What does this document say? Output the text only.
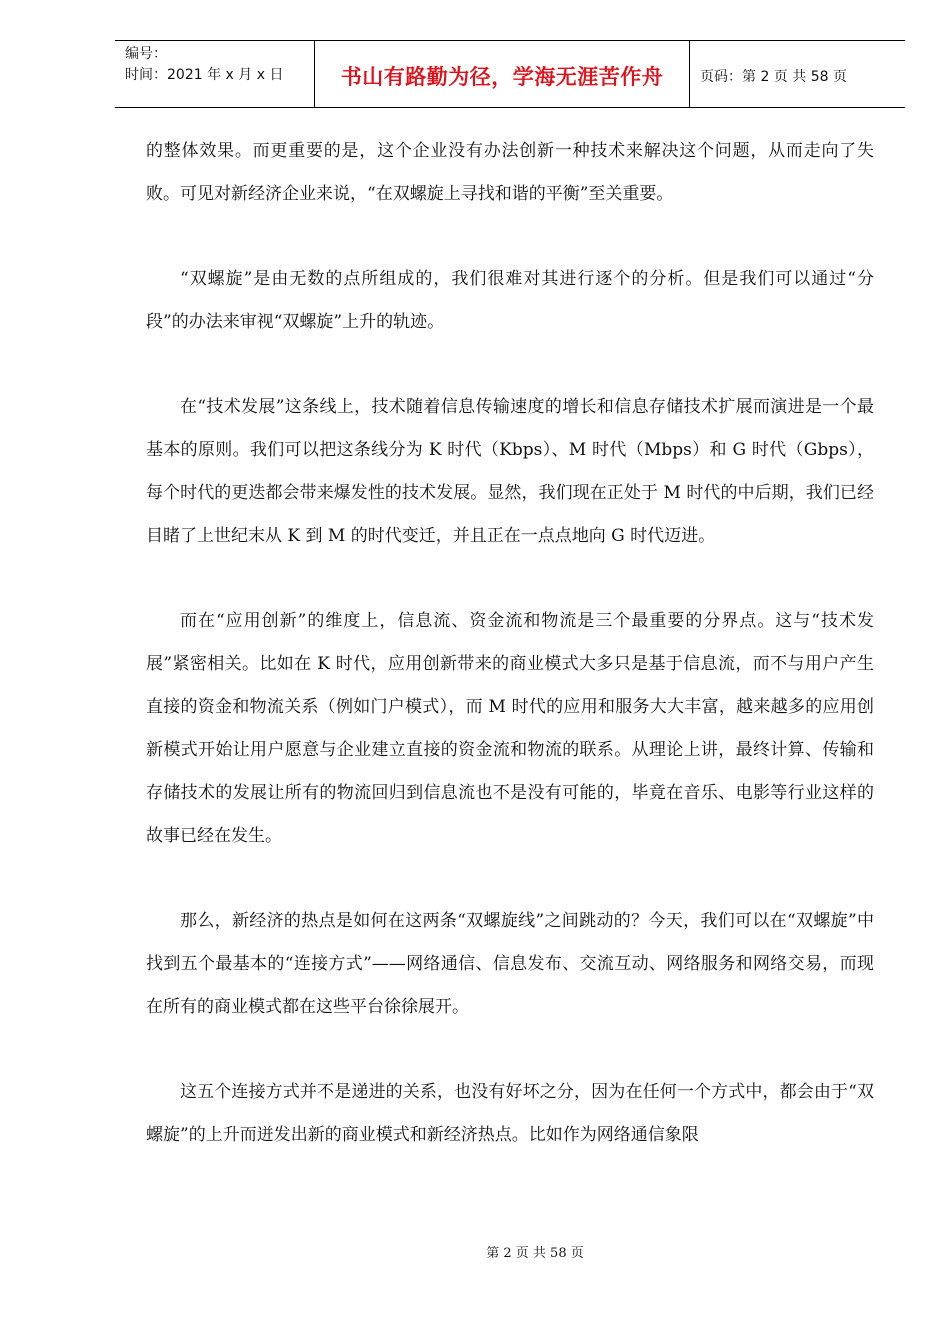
编号：
时间：2021 年 x 月 x 日	书山有路勤为径，学海无涯苦作舟	页码：第 2 页 共 58 页

的整体效果。而更重要的是，这个企业没有办法创新一种技术来解决这个问题，从而走向了失败。可见对新经济企业来说，“在双螺旋上寻找和谐的平衡”至关重要。

“双螺旋”是由无数的点所组成的，我们很难对其进行逐个的分析。但是我们可以通过“分段”的办法来审视“双螺旋”上升的轨迹。

在“技术发展”这条线上，技术随着信息传输速度的增长和信息存储技术扩展而演进是一个最基本的原则。我们可以把这条线分为 K 时代（Kbps）、M 时代（Mbps）和 G 时代（Gbps），每个时代的更迭都会带来爆发性的技术发展。显然，我们现在正处于 M 时代的中后期，我们已经目睹了上世纪末从 K 到 M 的时代变迁，并且正在一点点地向 G 时代迈进。

而在“应用创新”的维度上，信息流、资金流和物流是三个最重要的分界点。这与“技术发展”紧密相关。比如在 K 时代，应用创新带来的商业模式大多只是基于信息流，而不与用户产生直接的资金和物流关系（例如门户模式），而 M 时代的应用和服务大大丰富，越来越多的应用创新模式开始让用户愿意与企业建立直接的资金流和物流的联系。从理论上讲，最终计算、传输和存储技术的发展让所有的物流回归到信息流也不是没有可能的，毕竟在音乐、电影等行业这样的故事已经在发生。

那么，新经济的热点是如何在这两条“双螺旋线”之间跳动的？今天，我们可以在“双螺旋”中找到五个最基本的“连接方式”——网络通信、信息发布、交流互动、网络服务和网络交易，而现在所有的商业模式都在这些平台徐徐展开。

这五个连接方式并不是递进的关系，也没有好坏之分，因为在任何一个方式中，都会由于“双螺旋”的上升而迸发出新的商业模式和新经济热点。比如作为网络通信象限

第 2 页 共 58 页
